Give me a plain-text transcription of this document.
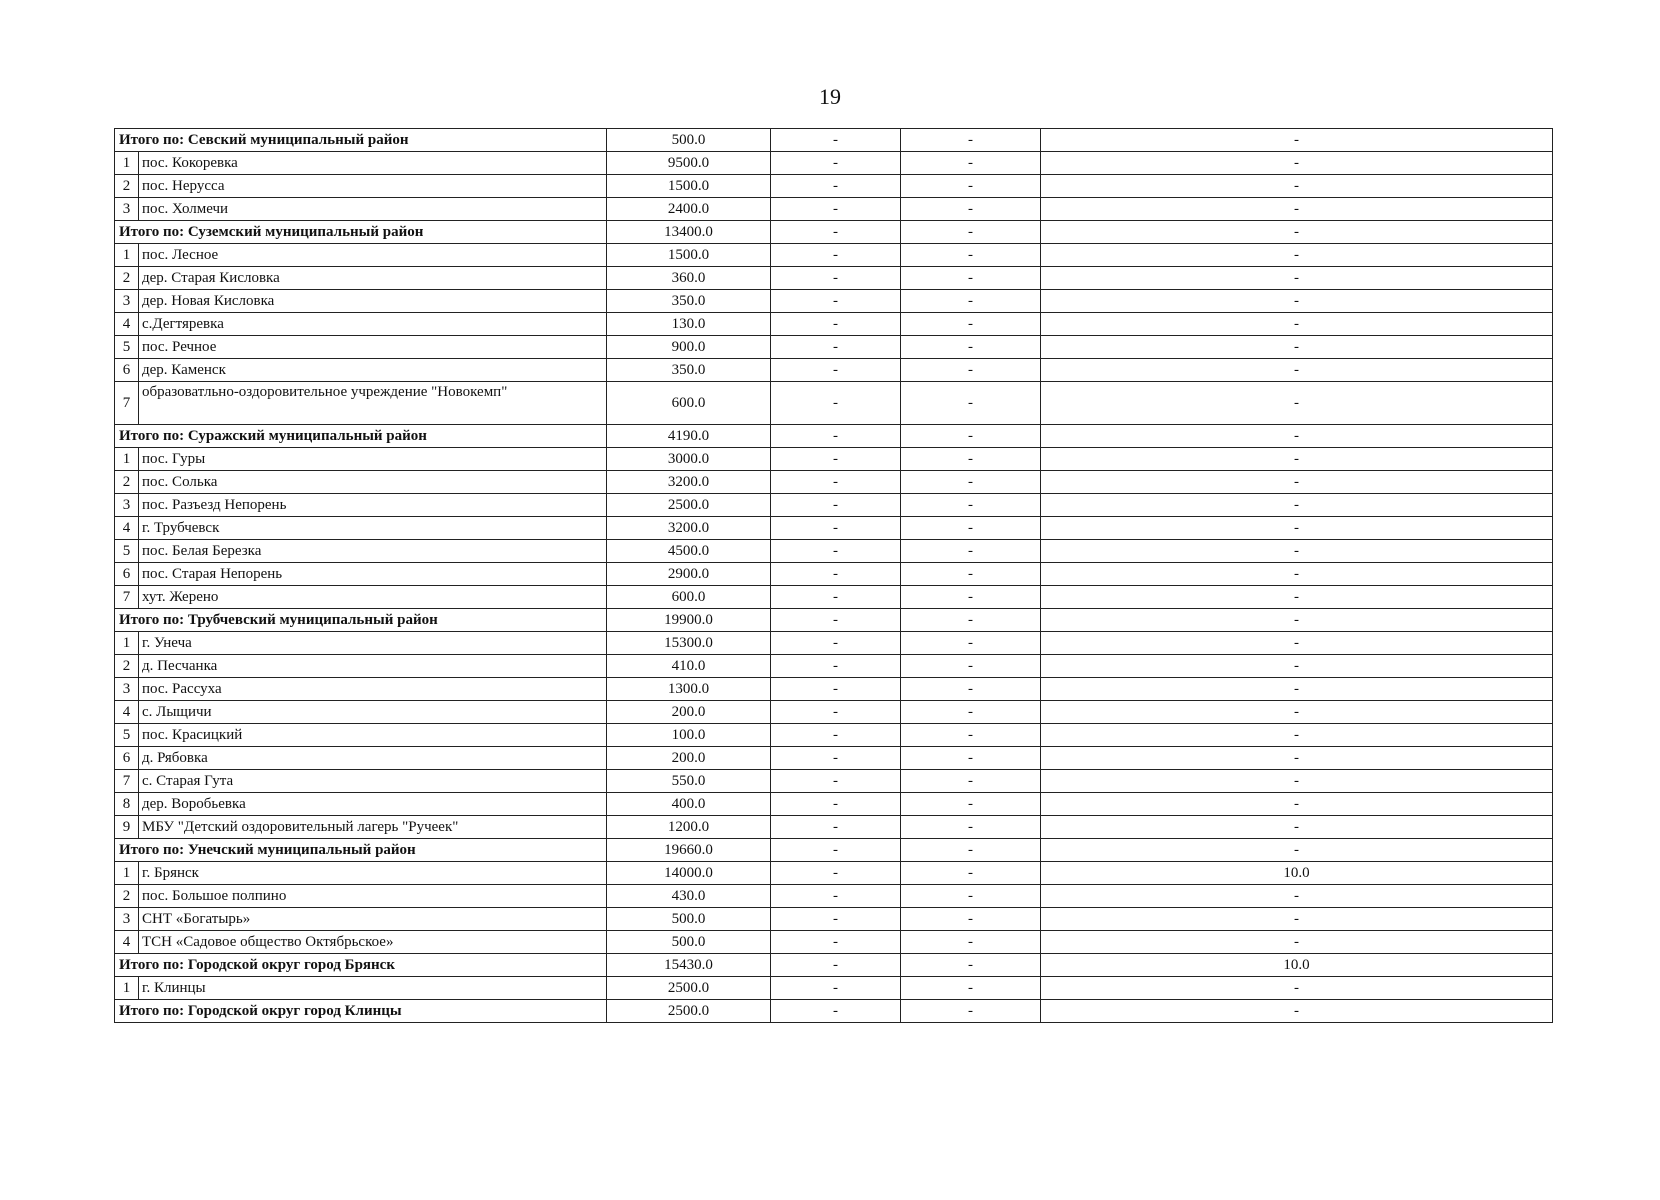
19
Итого по: Севский муниципальный район		500.0	-	-	-
1	пос. Кокоревка	9500.0	-	-	-
2	пос. Нерусса	1500.0	-	-	-
3	пос. Холмечи	2400.0	-	-	-
Итого по: Суземский муниципальный район		13400.0	-	-	-
1	пос. Лесное	1500.0	-	-	-
2	дер. Старая Кисловка	360.0	-	-	-
3	дер. Новая Кисловка	350.0	-	-	-
4	с.Дегтяревка	130.0	-	-	-
5	пос. Речное	900.0	-	-	-
6	дер. Каменск	350.0	-	-	-
7	образоватльно-оздоровительное учреждение "Новокемп"	600.0	-	-	-
Итого по: Суражский муниципальный район		4190.0	-	-	-
1	пос. Гуры	3000.0	-	-	-
2	пос. Солька	3200.0	-	-	-
3	пос. Разъезд Непорень	2500.0	-	-	-
4	г. Трубчевск	3200.0	-	-	-
5	пос. Белая Березка	4500.0	-	-	-
6	пос. Старая Непорень	2900.0	-	-	-
7	хут. Жерено	600.0	-	-	-
Итого по: Трубчевский муниципальный район		19900.0	-	-	-
1	г. Унеча	15300.0	-	-	-
2	д. Песчанка	410.0	-	-	-
3	пос. Рассуха	1300.0	-	-	-
4	с. Лыщичи	200.0	-	-	-
5	пос. Красицкий	100.0	-	-	-
6	д. Рябовка	200.0	-	-	-
7	с. Старая Гута	550.0	-	-	-
8	дер. Воробьевка	400.0	-	-	-
9	МБУ "Детский оздоровительный лагерь "Ручеек"	1200.0	-	-	-
Итого по: Унечский муниципальный район		19660.0	-	-	-
1	г. Брянск	14000.0	-	-	10.0
2	пос. Большое полпино	430.0	-	-	-
3	СНТ «Богатырь»	500.0	-	-	-
4	ТСН «Садовое общество Октябрьское»	500.0	-	-	-
Итого по: Городской округ город Брянск		15430.0	-	-	10.0
1	г. Клинцы	2500.0	-	-	-
Итого по: Городской округ город Клинцы		2500.0	-	-	-
